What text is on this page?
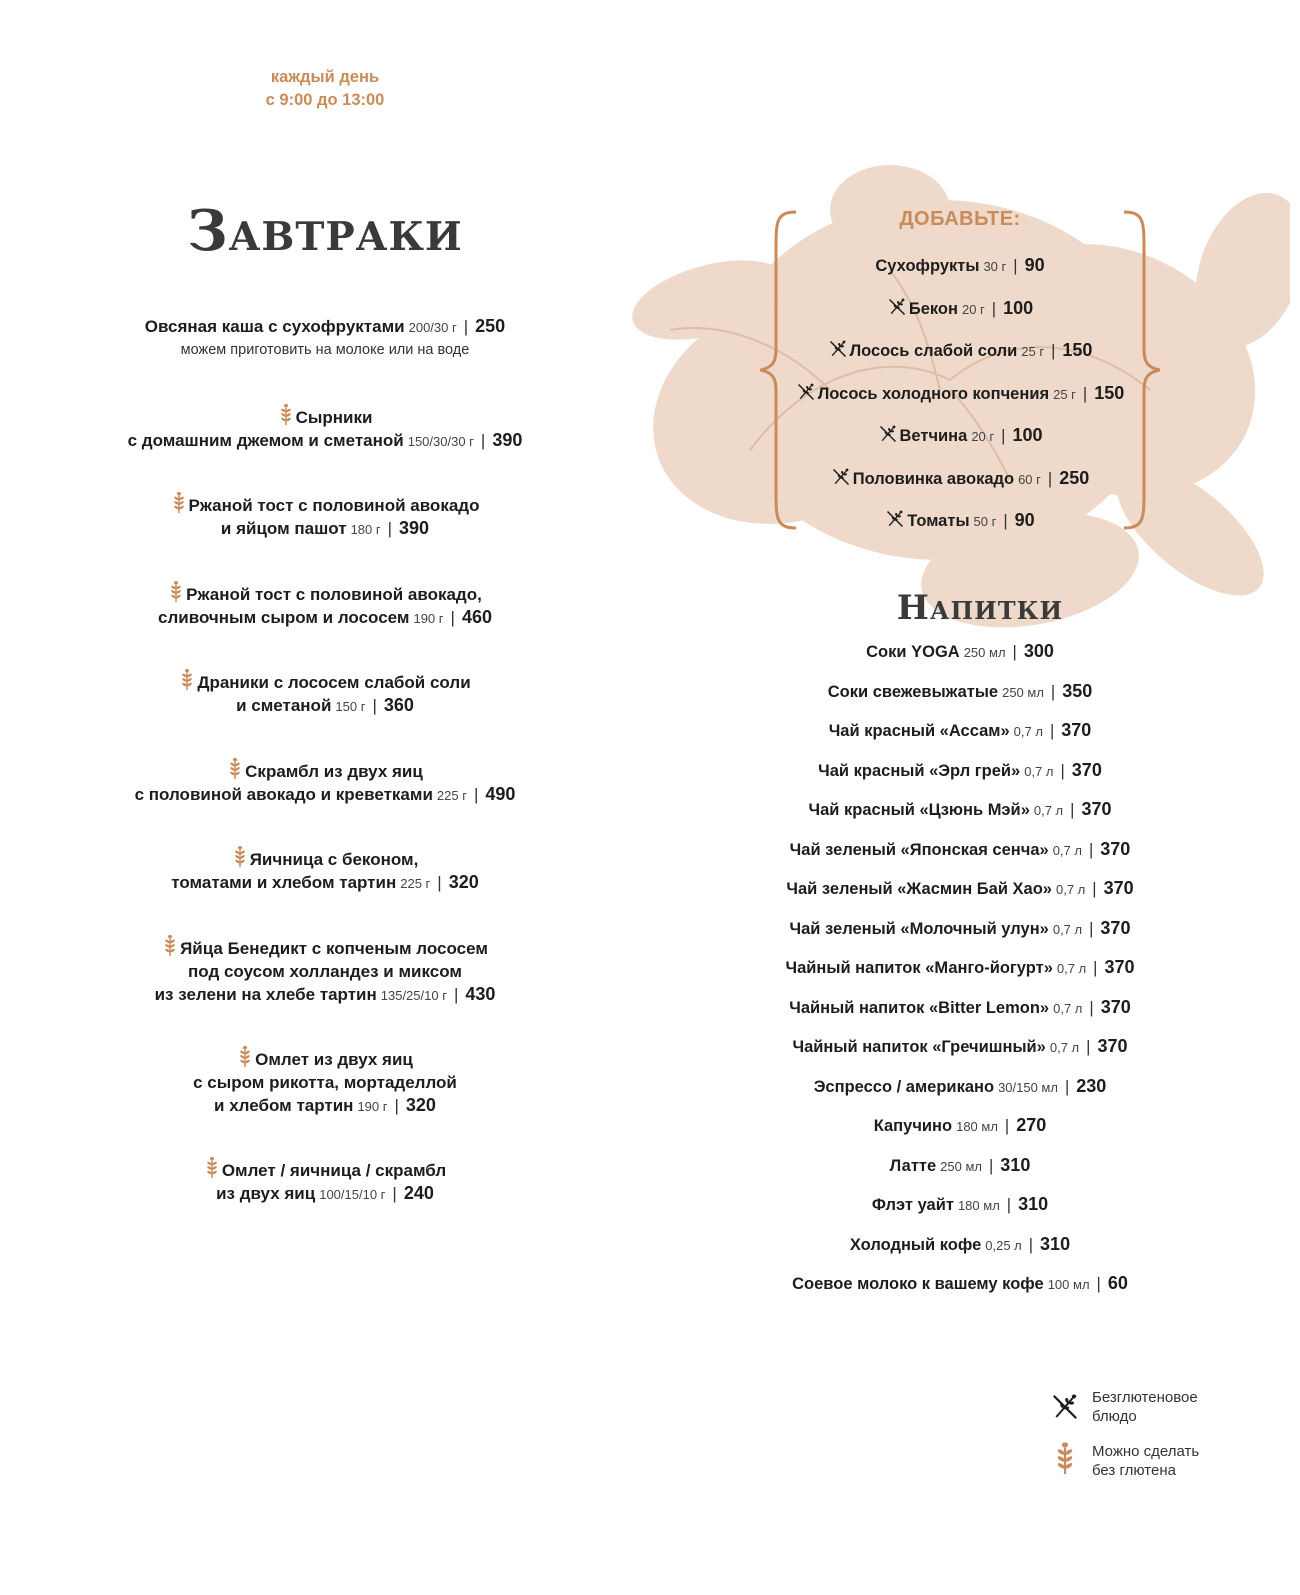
каждый день
с 9:00 до 13:00
Завтраки
Овсяная каша с сухофруктами 200/30 г | 250
можем приготовить на молоке или на воде
Сырники
с домашним джемом и сметаной 150/30/30 г | 390
Ржаной тост с половиной авокадо
и яйцом пашот 180 г | 390
Ржаной тост с половиной авокадо,
сливочным сыром и лососем 190 г | 460
Драники с лососем слабой соли
и сметаной 150 г | 360
Скрамбл из двух яиц
с половиной авокадо и креветками 225 г | 490
Яичница с беконом,
томатами и хлебом тартин 225 г | 320
Яйца Бенедикт с копченым лососем
под соусом холландез и миксом
из зелени на хлебе тартин 135/25/10 г | 430
Омлет из двух яиц
с сыром рикотта, мортаделлой
и хлебом тартин 190 г | 320
Омлет / яичница / скрамбл
из двух яиц 100/15/10 г | 240
ДОБАВЬТЕ:
Сухофрукты 30 г | 90
Бекон 20 г | 100
Лосось слабой соли 25 г | 150
Лосось холодного копчения 25 г | 150
Ветчина 20 г | 100
Половинка авокадо 60 г | 250
Томаты 50 г | 90
Напитки
Соки YOGA 250 мл | 300
Соки свежевыжатые 250 мл | 350
Чай красный «Ассам» 0,7 л | 370
Чай красный «Эрл грей» 0,7 л | 370
Чай красный «Цзюнь Мэй» 0,7 л | 370
Чай зеленый «Японская сенча» 0,7 л | 370
Чай зеленый «Жасмин Бай Хао» 0,7 л | 370
Чай зеленый «Молочный улун» 0,7 л | 370
Чайный напиток «Манго-йогурт» 0,7 л | 370
Чайный напиток «Bitter Lemon» 0,7 л | 370
Чайный напиток «Гречишный» 0,7 л | 370
Эспрессо / американо 30/150 мл | 230
Капучино 180 мл | 270
Латте 250 мл | 310
Флэт уайт 180 мл | 310
Холодный кофе 0,25 л | 310
Соевое молоко к вашему кофе 100 мл | 60
Безглютеновое
блюдо
Можно сделать
без глютена
